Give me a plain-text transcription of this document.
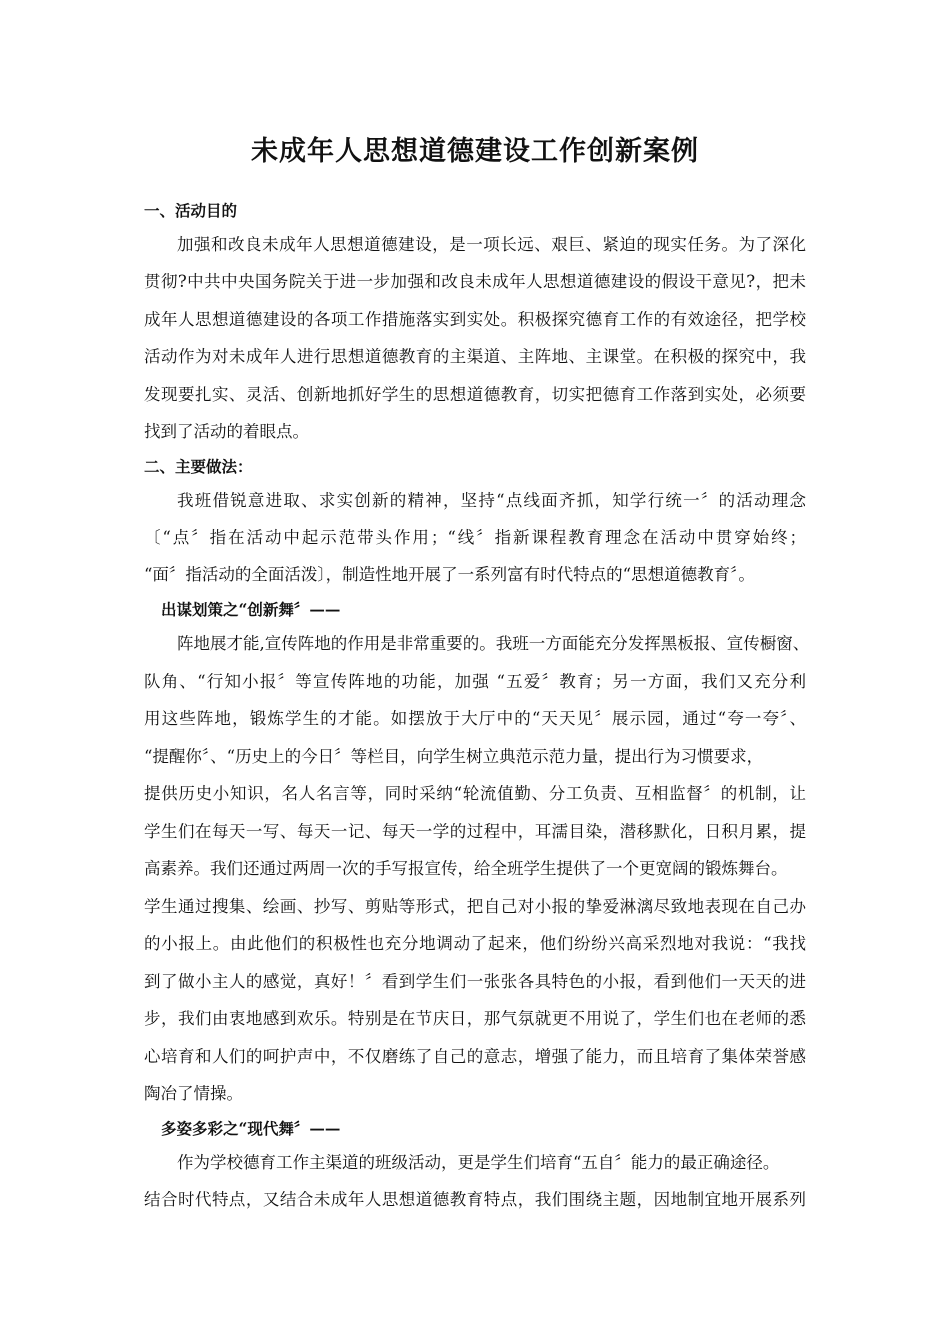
未成年人思想道德建设工作创新案例
一、活动目的
加强和改良未成年人思想道德建设，是一项长远、艰巨、紧迫的现实任务。为了深化
贯彻?中共中央国务院关于进一步加强和改良未成年人思想道德建设的假设干意见?，把未
成年人思想道德建设的各项工作措施落实到实处。积极探究德育工作的有效途径，把学校
活动作为对未成年人进行思想道德教育的主渠道、主阵地、主课堂。在积极的探究中，我
发现要扎实、灵活、创新地抓好学生的思想道德教育，切实把德育工作落到实处，必须要
找到了活动的着眼点。
二、主要做法：
我班借锐意进取、求实创新的精神，坚持“点线面齐抓，知学行统一〞的活动理念
〔“点〞指在活动中起示范带头作用；“线〞指新课程教育理念在活动中贯穿始终；
“面〞指活动的全面活泼〕，制造性地开展了一系列富有时代特点的“思想道德教育〞。
出谋划策之“创新舞〞——
阵地展才能,宣传阵地的作用是非常重要的。我班一方面能充分发挥黑板报、宣传橱窗、
队角、“行知小报〞等宣传阵地的功能，加强 “五爱〞教育；另一方面，我们又充分利
用这些阵地，锻炼学生的才能。如摆放于大厅中的“天天见〞展示园，通过“夸一夸〞、
“提醒你〞、“历史上的今日〞等栏目，向学生树立典范示范力量，提出行为习惯要求，
提供历史小知识，名人名言等，同时采纳“轮流值勤、分工负责、互相监督〞的机制，让
学生们在每天一写、每天一记、每天一学的过程中，耳濡目染，潜移默化，日积月累，提
高素养。我们还通过两周一次的手写报宣传，给全班学生提供了一个更宽阔的锻炼舞台。
学生通过搜集、绘画、抄写、剪贴等形式，把自己对小报的挚爱淋漓尽致地表现在自己办
的小报上。由此他们的积极性也充分地调动了起来，他们纷纷兴高采烈地对我说：“我找
到了做小主人的感觉，真好！〞看到学生们一张张各具特色的小报，看到他们一天天的进
步，我们由衷地感到欢乐。特别是在节庆日，那气氛就更不用说了，学生们也在老师的悉
心培育和人们的呵护声中，不仅磨练了自己的意志，增强了能力，而且培育了集体荣誉感
陶冶了情操。
多姿多彩之“现代舞〞——
作为学校德育工作主渠道的班级活动，更是学生们培育“五自〞能力的最正确途径。
结合时代特点，又结合未成年人思想道德教育特点，我们围绕主题，因地制宜地开展系列
